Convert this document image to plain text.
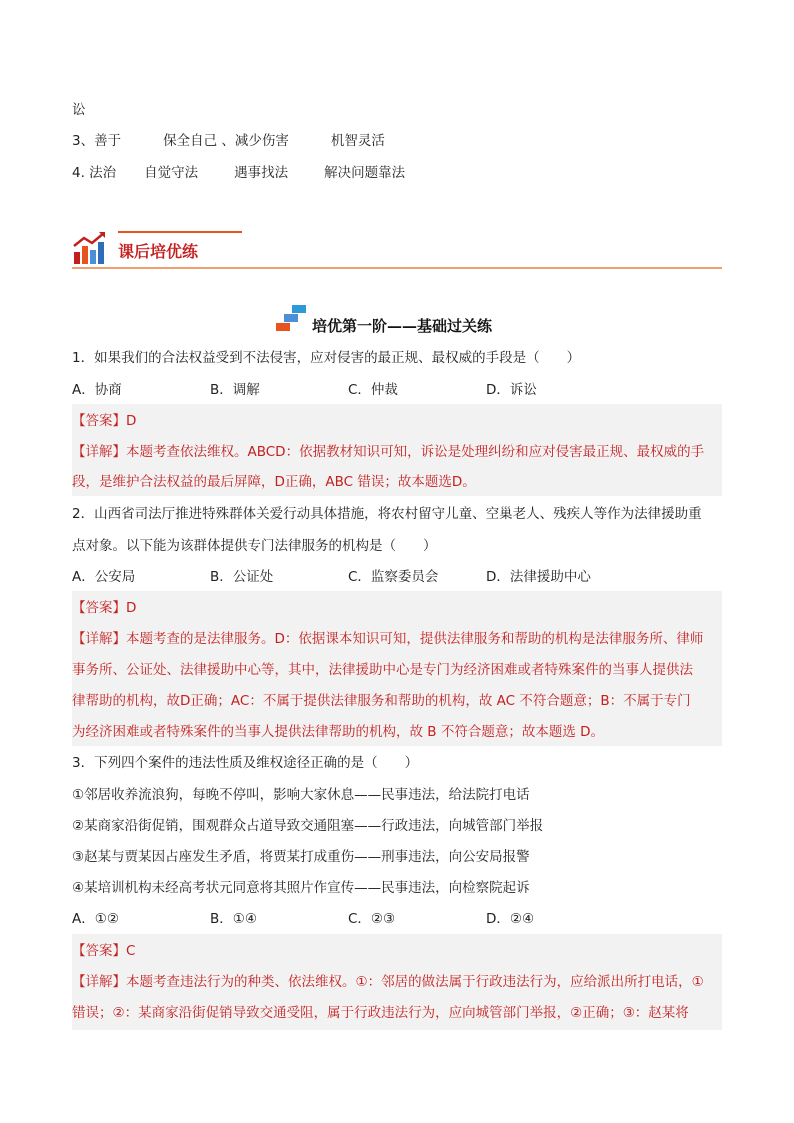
讼
3、善于	保全自己 、减少伤害	机智灵活
4. 法治 自觉守法	遇事找法	解决问题靠法
课后培优练
培优第一阶——基础过关练
1．如果我们的合法权益受到不法侵害，应对侵害的最正规、最权威的手段是（　　）
A．协商	B．调解	C．仲裁	D．诉讼
【答案】D
【详解】本题考查依法维权。ABCD：依据教材知识可知，诉讼是处理纠纷和应对侵害最正规、最权威的手
段，是维护合法权益的最后屏障，D正确，ABC 错误；故本题选D。
2．山西省司法厅推进特殊群体关爱行动具体措施，将农村留守儿童、空巢老人、残疾人等作为法律援助重
点对象。以下能为该群体提供专门法律服务的机构是（　　）
A．公安局	B．公证处	C．监察委员会	D．法律援助中心
【答案】D
【详解】本题考查的是法律服务。D：依据课本知识可知，提供法律服务和帮助的机构是法律服务所、律师
事务所、公证处、法律援助中心等，其中，法律援助中心是专门为经济困难或者特殊案件的当事人提供法
律帮助的机构，故D正确；AC：不属于提供法律服务和帮助的机构，故 AC 不符合题意；B：不属于专门
为经济困难或者特殊案件的当事人提供法律帮助的机构，故 B 不符合题意；故本题选 D。
3．下列四个案件的违法性质及维权途径正确的是（　　）
①邻居收养流浪狗，每晚不停叫，影响大家休息——民事违法，给法院打电话
②某商家沿街促销，围观群众占道导致交通阻塞——行政违法，向城管部门举报
③赵某与贾某因占座发生矛盾，将贾某打成重伤——刑事违法，向公安局报警
④某培训机构未经高考状元同意将其照片作宣传——民事违法，向检察院起诉
A．①②	B．①④	C．②③	D．②④
【答案】C
【详解】本题考查违法行为的种类、依法维权。①：邻居的做法属于行政违法行为，应给派出所打电话，①
错误；②：某商家沿街促销导致交通受阻，属于行政违法行为，应向城管部门举报，②正确；③：赵某将
